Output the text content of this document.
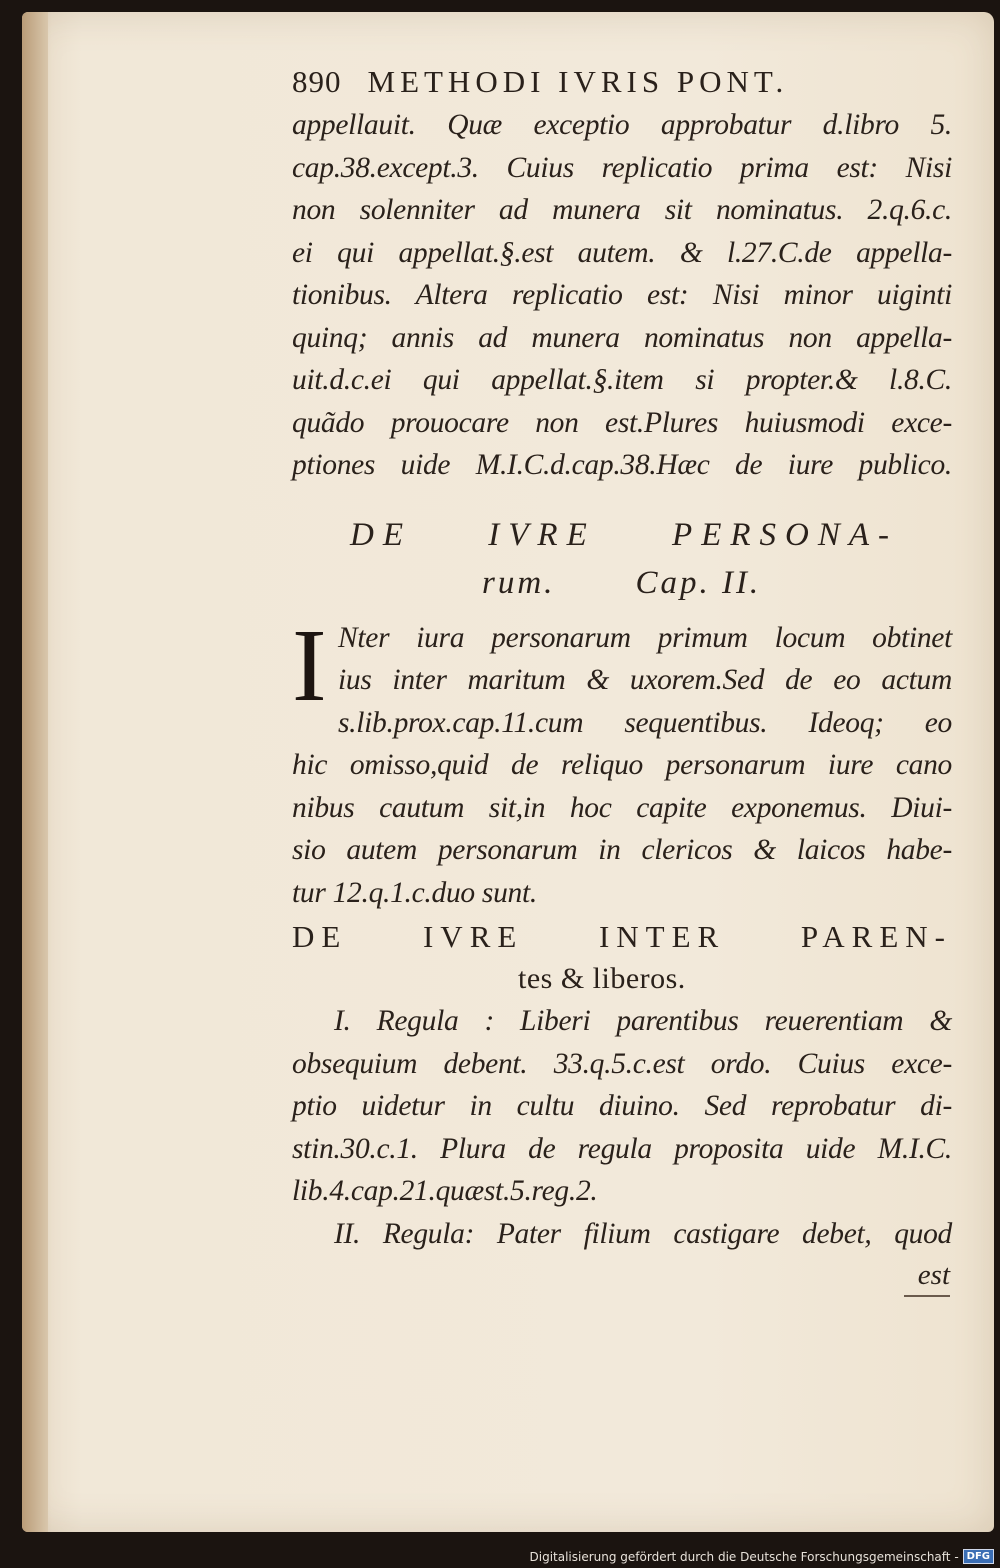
890 METHODI IVRIS PONT.
appellauit. Quæ exceptio approbatur d.libro 5.
cap.38.except.3. Cuius replicatio prima est: Nisi
non solenniter ad munera sit nominatus. 2.q.6.c.
ei qui appellat.§.est autem. & l.27.C.de appella-
tionibus. Altera replicatio est: Nisi minor uiginti
quinq; annis ad munera nominatus non appella-
uit.d.c.ei qui appellat.§.item si propter.& l.8.C.
quãdo prouocare non est.Plures huiusmodi exce-
ptiones uide M.I.C.d.cap.38.Hæc de iure publico.
DE IVRE PERSONA-
rum. Cap. II.
I Nter iura personarum primum locum obtinet
ius inter maritum & uxorem.Sed de eo actum
s.lib.prox.cap.11.cum sequentibus. Ideoq; eo
hic omisso,quid de reliquo personarum iure cano
nibus cautum sit,in hoc capite exponemus. Diui-
sio autem personarum in clericos & laicos habe-
tur 12.q.1.c.duo sunt.
DE IVRE INTER PAREN-
tes & liberos.
I. Regula : Liberi parentibus reuerentiam &
obsequium debent. 33.q.5.c.est ordo. Cuius exce-
ptio uidetur in cultu diuino. Sed reprobatur di-
stin.30.c.1. Plura de regula proposita uide M.I.C.
lib.4.cap.21.quæst.5.reg.2.
II. Regula: Pater filium castigare debet, quod
est
Digitalisierung gefördert durch die Deutsche Forschungsgemeinschaft - DFG
